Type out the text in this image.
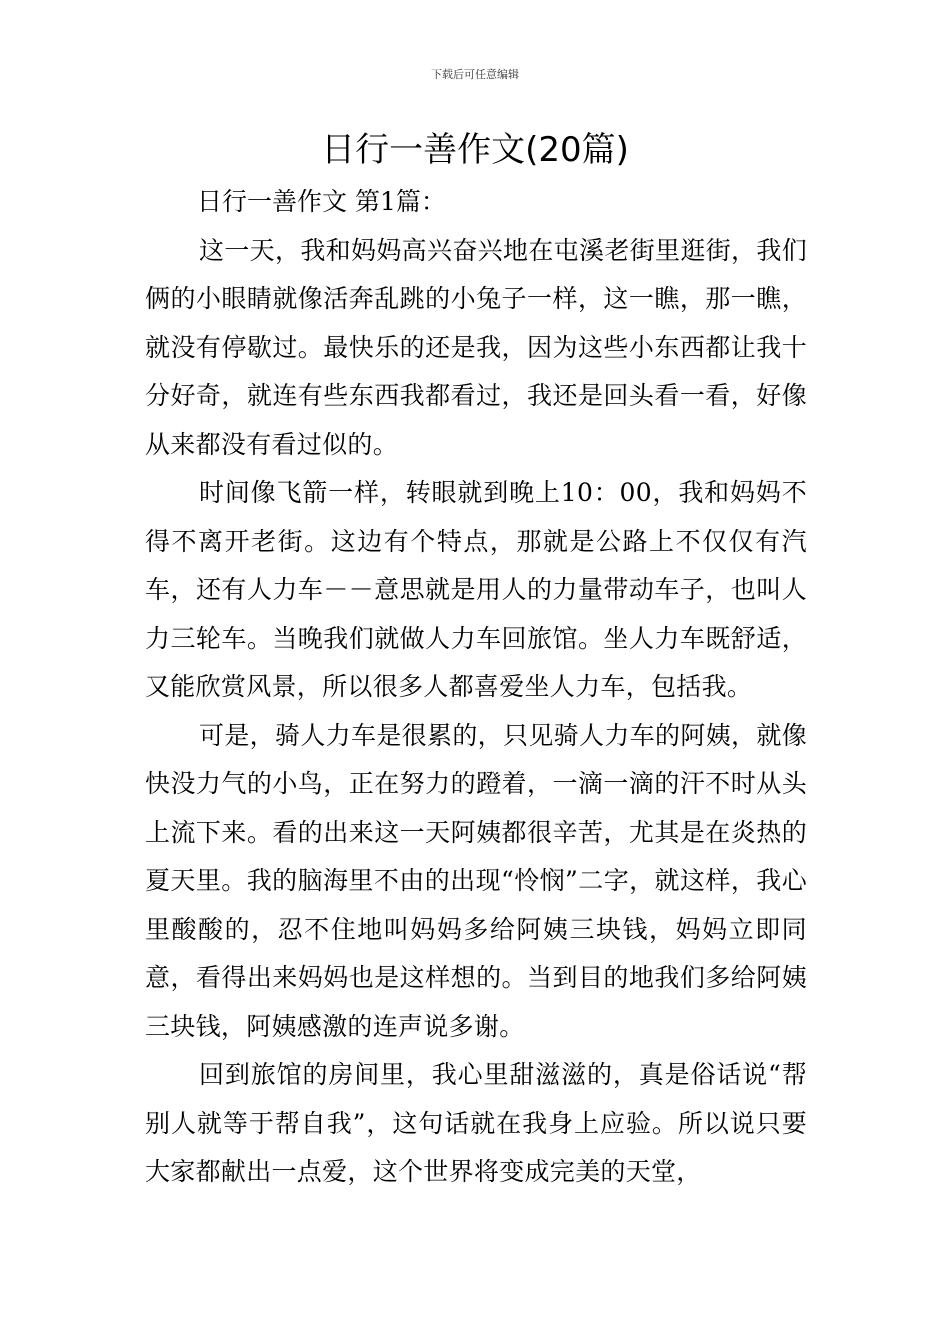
下载后可任意编辑
日行一善作文(20篇)

日行一善作文 第1篇：

这一天，我和妈妈高兴奋兴地在屯溪老街里逛街，我们俩的小眼睛就像活奔乱跳的小兔子一样，这一瞧，那一瞧，就没有停歇过。最快乐的还是我，因为这些小东西都让我十分好奇，就连有些东西我都看过，我还是回头看一看，好像从来都没有看过似的。

时间像飞箭一样，转眼就到晚上10：00，我和妈妈不得不离开老街。这边有个特点，那就是公路上不仅仅有汽车，还有人力车－－意思就是用人的力量带动车子，也叫人力三轮车。当晚我们就做人力车回旅馆。坐人力车既舒适，又能欣赏风景，所以很多人都喜爱坐人力车，包括我。

可是，骑人力车是很累的，只见骑人力车的阿姨，就像快没力气的小鸟，正在努力的蹬着，一滴一滴的汗不时从头上流下来。看的出来这一天阿姨都很辛苦，尤其是在炎热的夏天里。我的脑海里不由的出现“怜悯”二字，就这样，我心里酸酸的，忍不住地叫妈妈多给阿姨三块钱，妈妈立即同意，看得出来妈妈也是这样想的。当到目的地我们多给阿姨三块钱，阿姨感激的连声说多谢。

回到旅馆的房间里，我心里甜滋滋的，真是俗话说“帮别人就等于帮自我”，这句话就在我身上应验。所以说只要大家都献出一点爱，这个世界将变成完美的天堂，
